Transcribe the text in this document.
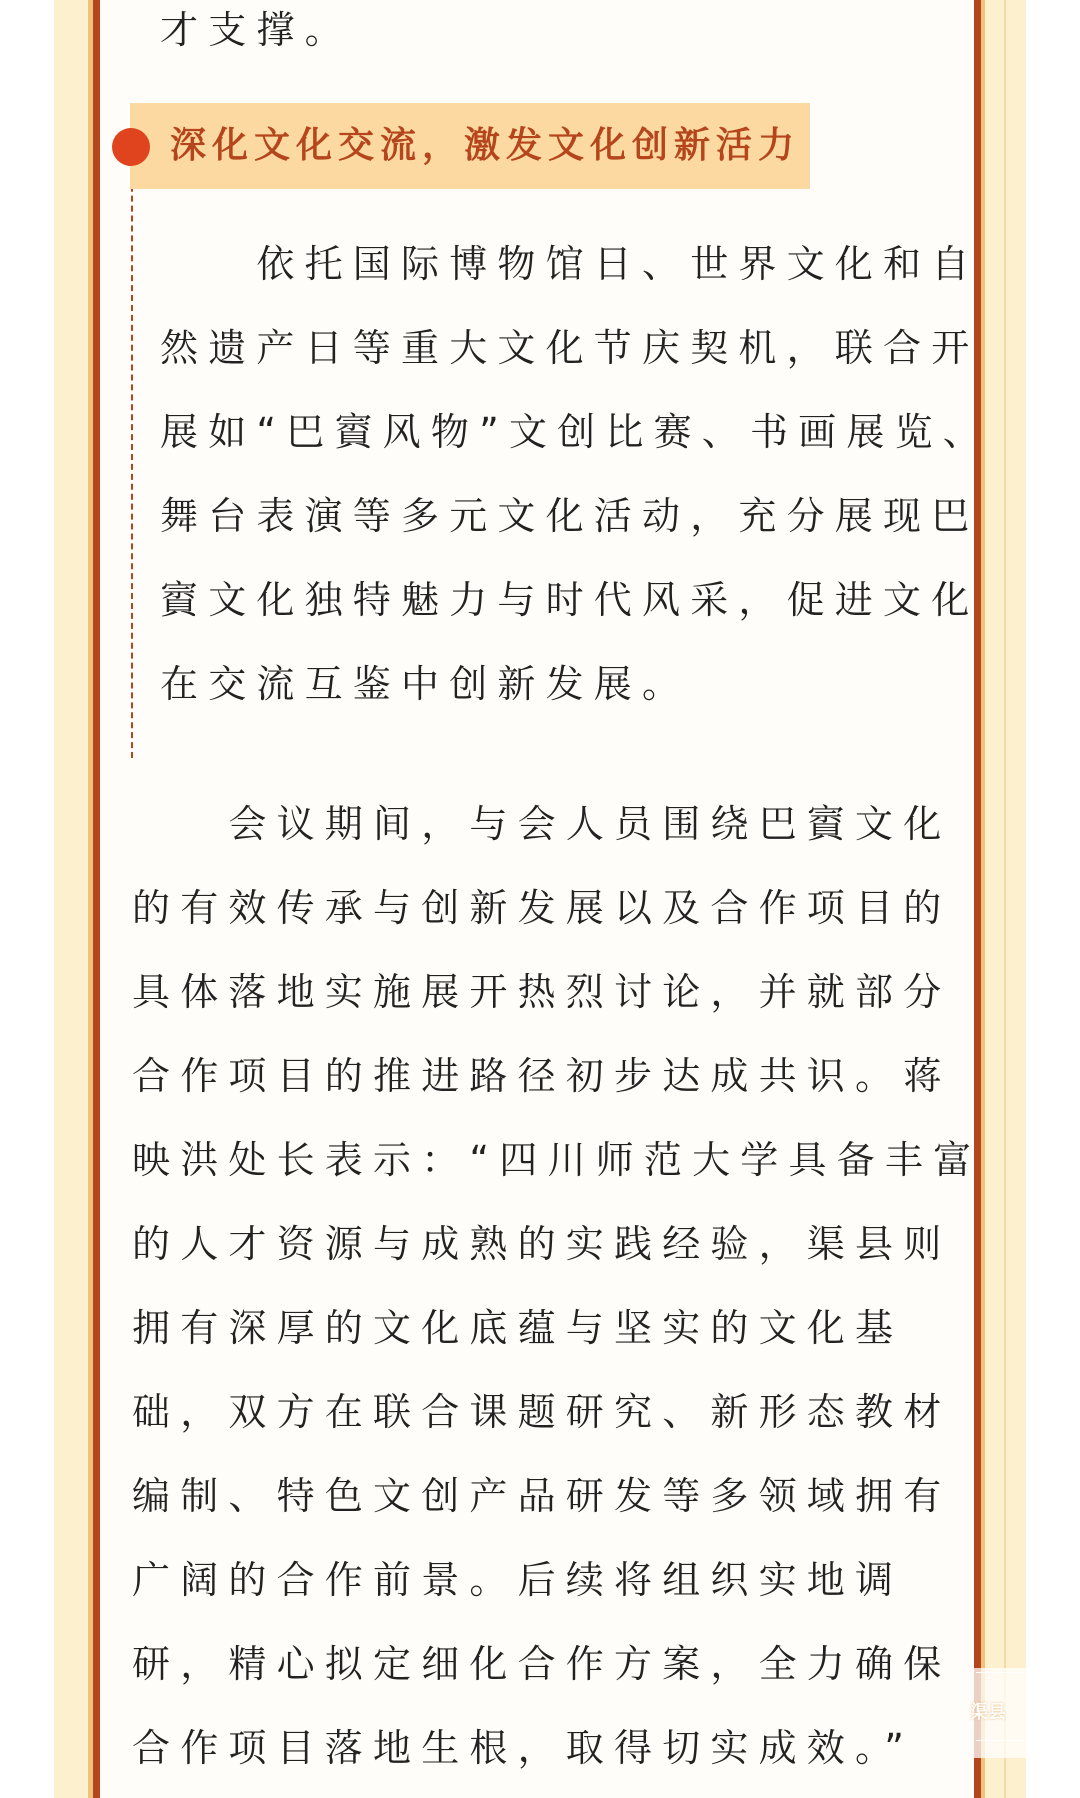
才支撑。

深化文化交流，激发文化创新活力

　　依托国际博物馆日、世界文化和自

然遗产日等重大文化节庆契机，联合开

展如“巴賨风物”文创比赛、书画展览、

舞台表演等多元文化活动，充分展现巴

賨文化独特魅力与时代风采，促进文化

在交流互鉴中创新发展。

　　会议期间，与会人员围绕巴賨文化

的有效传承与创新发展以及合作项目的

具体落地实施展开热烈讨论，并就部分

合作项目的推进路径初步达成共识。蒋

映洪处长表示：“四川师范大学具备丰富

的人才资源与成熟的实践经验，渠县则

拥有深厚的文化底蕴与坚实的文化基

础，双方在联合课题研究、新形态教材

编制、特色文创产品研发等多领域拥有

广阔的合作前景。后续将组织实地调

研，精心拟定细化合作方案，全力确保

合作项目落地生根，取得切实成效。”

渠县
